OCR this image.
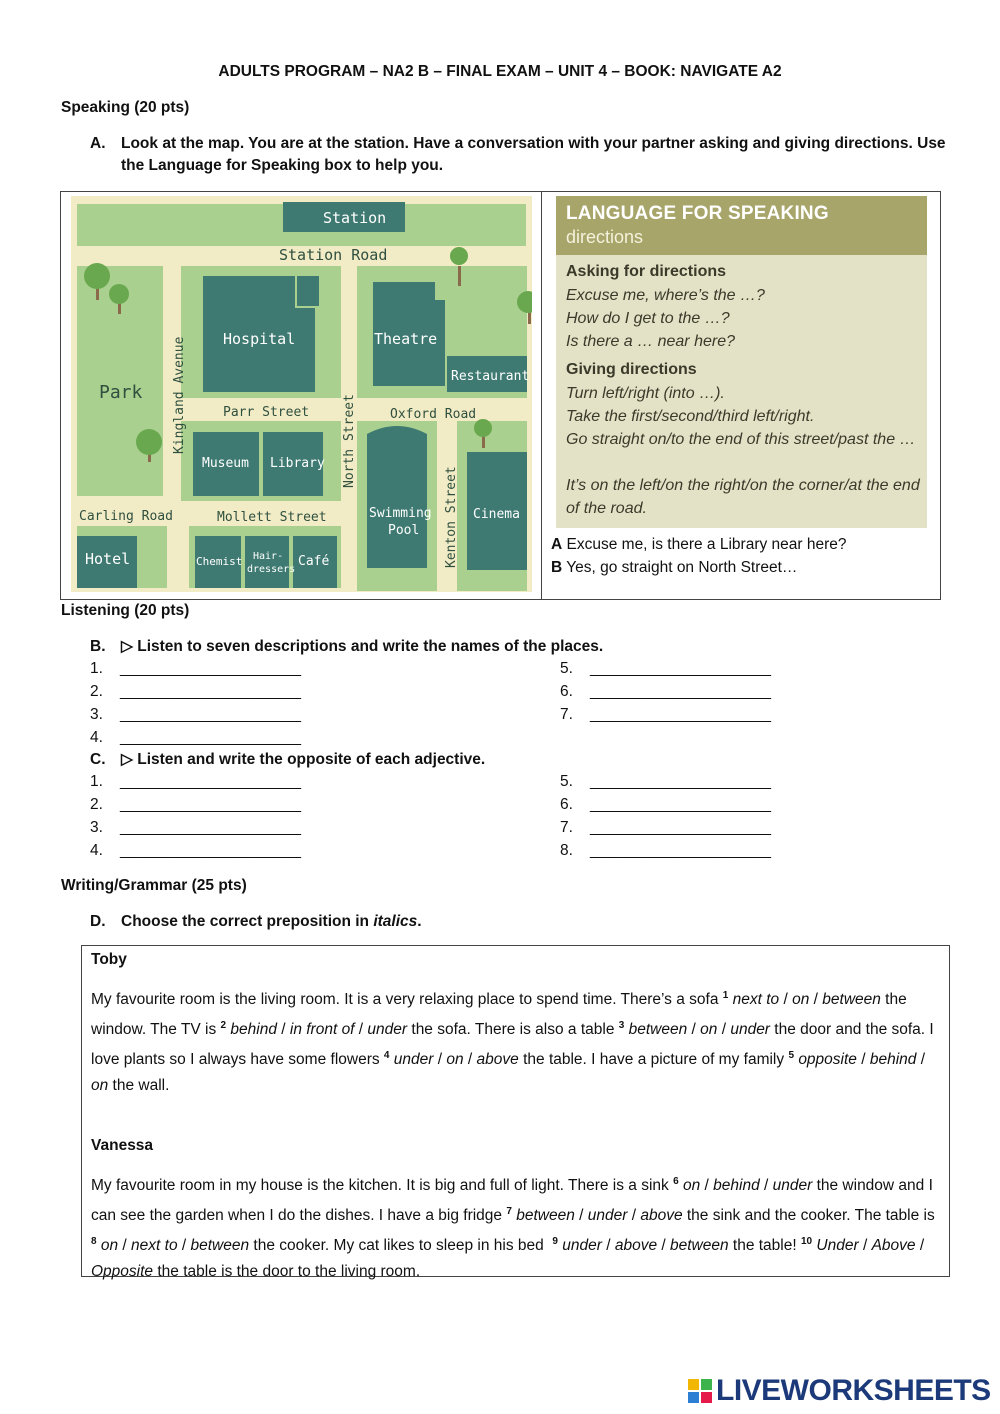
ADULTS PROGRAM – NA2 B – FINAL EXAM – UNIT 4 – BOOK: NAVIGATE A2
Speaking (20 pts)
A.	Look at the map. You are at the station. Have a conversation with your partner asking and giving directions. Use the Language for Speaking box to help you.
Station
Hospital	Theatre
Restaurant
Museum Library
Swimming
Pool
Cinema
Hotel	Chemist Hair-
dressers
Café
Station Road
Park
Parr Street	Oxford Road
Carling Road	Mollett Street
Kingland Avenue	North Street
Kenton Street
LANGUAGE FOR SPEAKING
directions
Asking for directions
Excuse me, where’s the …?
How do I get to the …?
Is there a … near here?
Giving directions
Turn left/right (into …).
Take the first/second/third left/right.
Go straight on/to the end of this street/past the …
It’s on the left/on the right/on the corner/at the end of the road.
A Excuse me, is there a Library near here?
B Yes, go straight on North Street…
Listening (20 pts)
B.	▷ Listen to seven descriptions and write the names of the places.
1. _____________________
2. _____________________
3. _____________________
4. _____________________
5. _____________________
6. _____________________
7. _____________________
C.	▷ Listen and write the opposite of each adjective.
1. _____________________
2. _____________________
3. _____________________
4. _____________________
5. _____________________
6. _____________________
7. _____________________
8. _____________________
Writing/Grammar (25 pts)
D.	Choose the correct preposition in italics.
Toby
My favourite room is the living room. It is a very relaxing place to spend time. There’s a sofa $^1$ next to / on / between the window. The TV is $^2$ behind / in front of / under the sofa. There is also a table $^3$ between / on / under the door and the sofa. I love plants so I always have some flowers $^4$ under / on / above the table. I have a picture of my family $^5$ opposite / behind / on the wall.
Vanessa
My favourite room in my house is the kitchen. It is big and full of light. There is a sink $^6$ on / behind / under the window and I can see the garden when I do the dishes. I have a big fridge $^7$ between / under / above the sink and the cooker. The table is $^8$ on / next to / between the cooker. My cat likes to sleep in his bed  $^9$ under / above / between the table! $^{10}$ Under / Above / Opposite the table is the door to the living room.
LIVEWORKSHEETS
